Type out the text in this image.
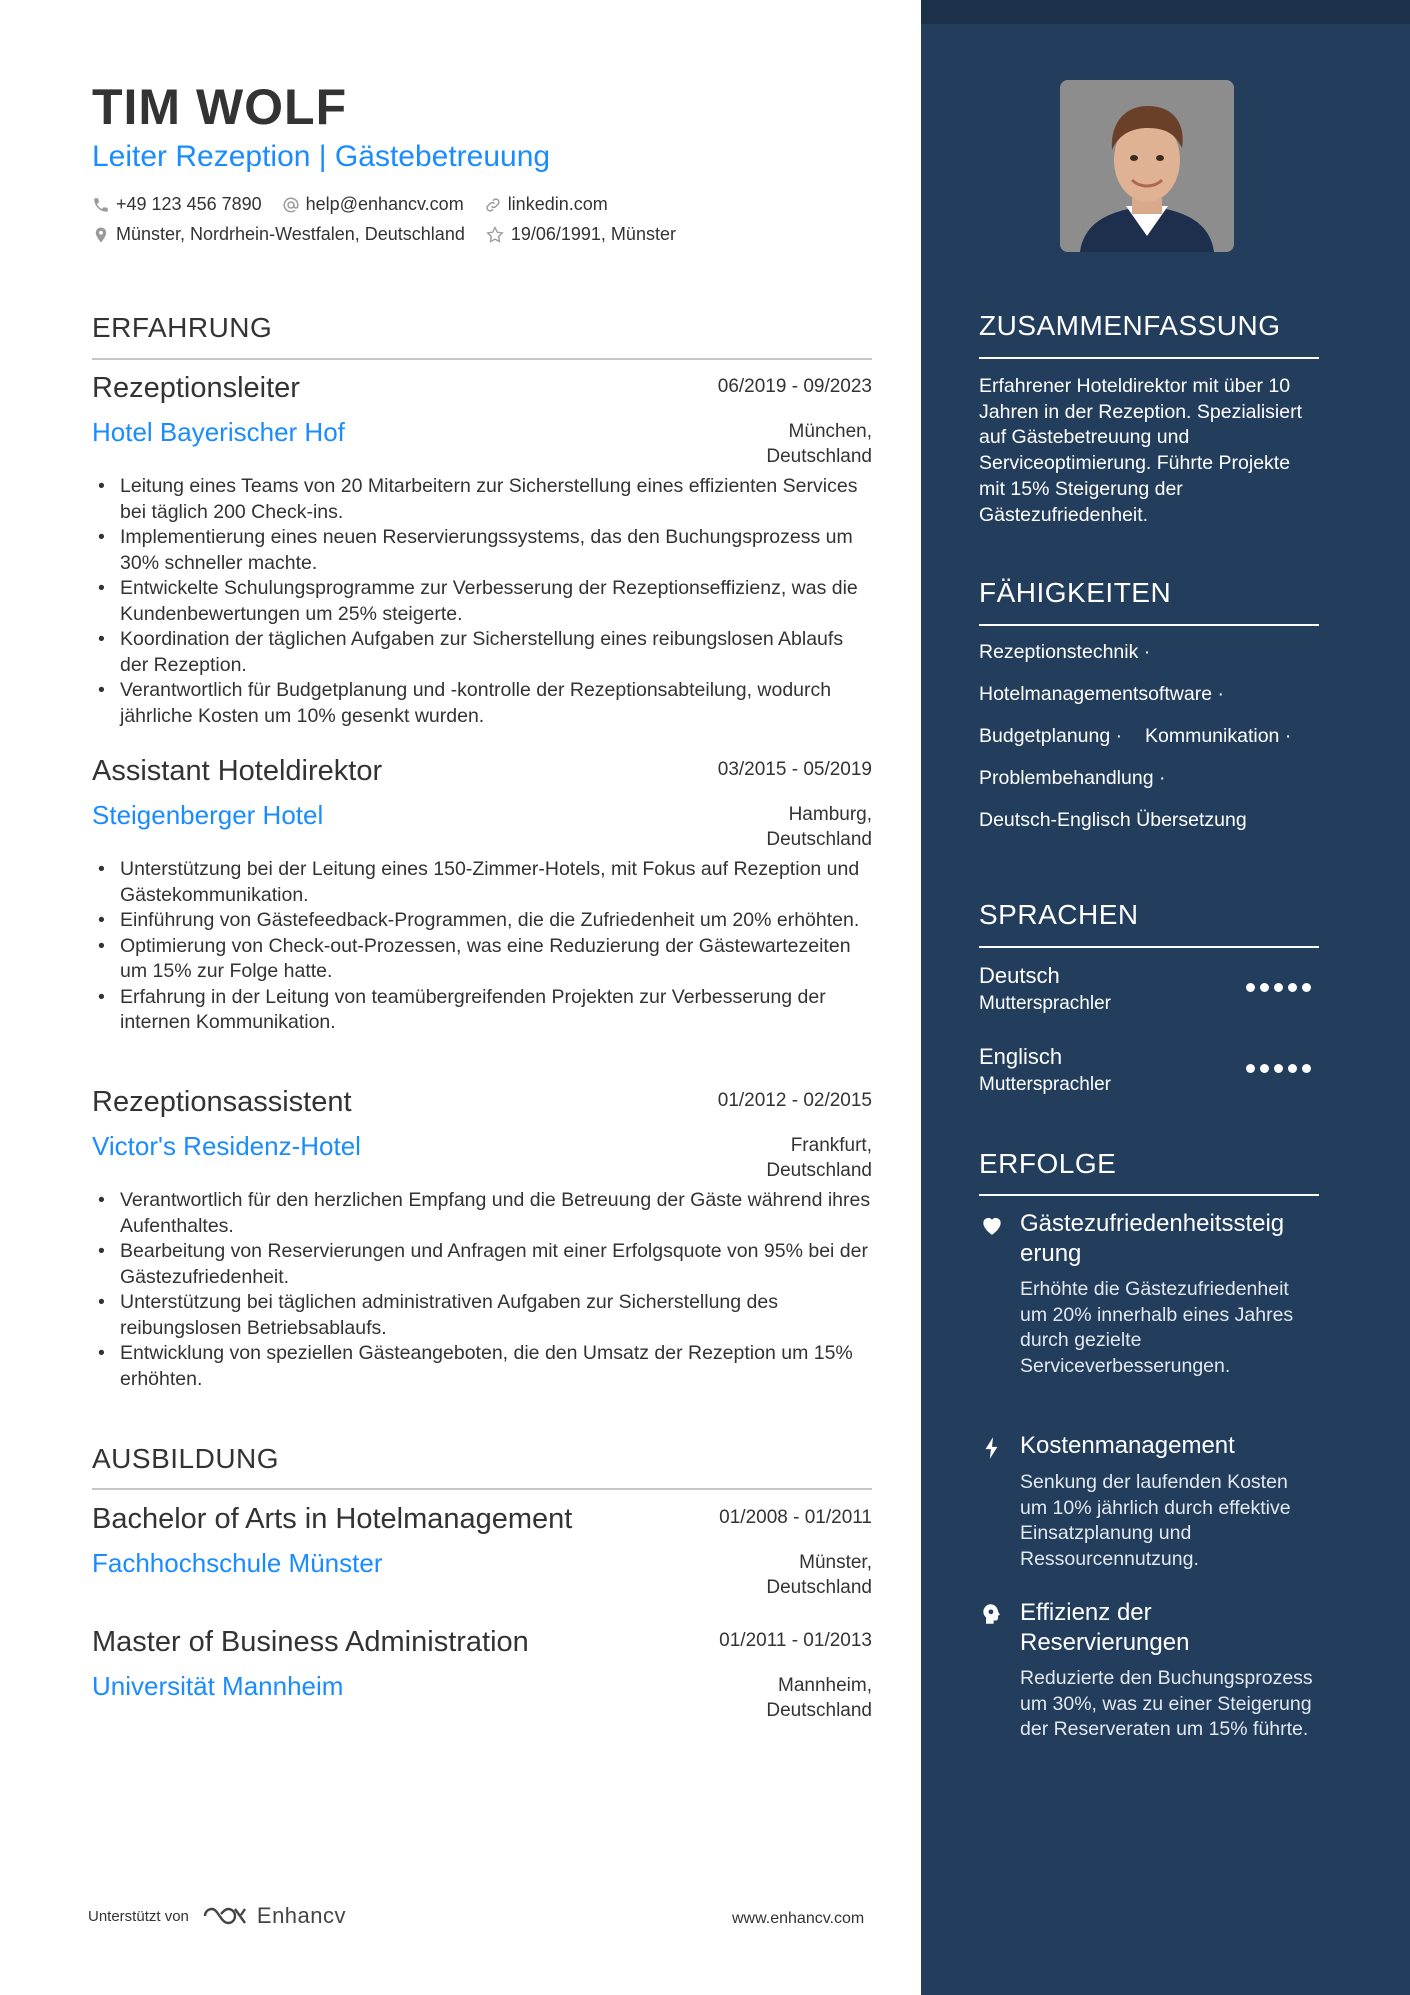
TIM WOLF
Leiter Rezeption | Gästebetreuung
+49 123 456 7890 help@enhancv.com linkedin.com
Münster, Nordrhein-Westfalen, Deutschland	19/06/1991, Münster
ERFAHRUNG
Rezeptionsleiter	06/2019 - 09/2023
Hotel Bayerischer Hof	München,
Deutschland
• Leitung eines Teams von 20 Mitarbeitern zur Sicherstellung eines effizienten Services bei täglich 200 Check-ins.
• Implementierung eines neuen Reservierungssystems, das den Buchungsprozess um 30% schneller machte.
• Entwickelte Schulungsprogramme zur Verbesserung der Rezeptionseffizienz, was die Kundenbewertungen um 25% steigerte.
• Koordination der täglichen Aufgaben zur Sicherstellung eines reibungslosen Ablaufs der Rezeption.
• Verantwortlich für Budgetplanung und -kontrolle der Rezeptionsabteilung, wodurch jährliche Kosten um 10% gesenkt wurden.
Assistant Hoteldirektor	03/2015 - 05/2019
Steigenberger Hotel	Hamburg,
Deutschland
• Unterstützung bei der Leitung eines 150-Zimmer-Hotels, mit Fokus auf Rezeption und Gästekommunikation.
• Einführung von Gästefeedback-Programmen, die die Zufriedenheit um 20% erhöhten.
• Optimierung von Check-out-Prozessen, was eine Reduzierung der Gästewartezeiten um 15% zur Folge hatte.
• Erfahrung in der Leitung von teamübergreifenden Projekten zur Verbesserung der internen Kommunikation.
Rezeptionsassistent	01/2012 - 02/2015
Victor's Residenz-Hotel	Frankfurt,
Deutschland
• Verantwortlich für den herzlichen Empfang und die Betreuung der Gäste während ihres Aufenthaltes.
• Bearbeitung von Reservierungen und Anfragen mit einer Erfolgsquote von 95% bei der Gästezufriedenheit.
• Unterstützung bei täglichen administrativen Aufgaben zur Sicherstellung des reibungslosen Betriebsablaufs.
• Entwicklung von speziellen Gästeangeboten, die den Umsatz der Rezeption um 15% erhöhten.
AUSBILDUNG
Bachelor of Arts in Hotelmanagement	01/2008 - 01/2011
Fachhochschule Münster	Münster,
Deutschland
Master of Business Administration	01/2011 - 01/2013
Universität Mannheim	Mannheim,
Deutschland
Unterstützt von	Enhancv	www.enhancv.com
ZUSAMMENFASSUNG
Erfahrener Hoteldirektor mit über 10 Jahren in der Rezeption. Spezialisiert auf Gästebetreuung und Serviceoptimierung. Führte Projekte mit 15% Steigerung der Gästezufriedenheit.
FÄHIGKEITEN
Rezeptionstechnik ·
Hotelmanagementsoftware ·
Budgetplanung · Kommunikation ·
Problembehandlung ·
Deutsch-Englisch Übersetzung
SPRACHEN
Deutsch
Muttersprachler
Englisch
Muttersprachler
ERFOLGE
Gästezufriedenheitssteig erung
Erhöhte die Gästezufriedenheit um 20% innerhalb eines Jahres durch gezielte Serviceverbesserungen.
Kostenmanagement
Senkung der laufenden Kosten um 10% jährlich durch effektive Einsatzplanung und Ressourcennutzung.
Effizienz der Reservierungen
Reduzierte den Buchungsprozess um 30%, was zu einer Steigerung der Reserveraten um 15% führte.
